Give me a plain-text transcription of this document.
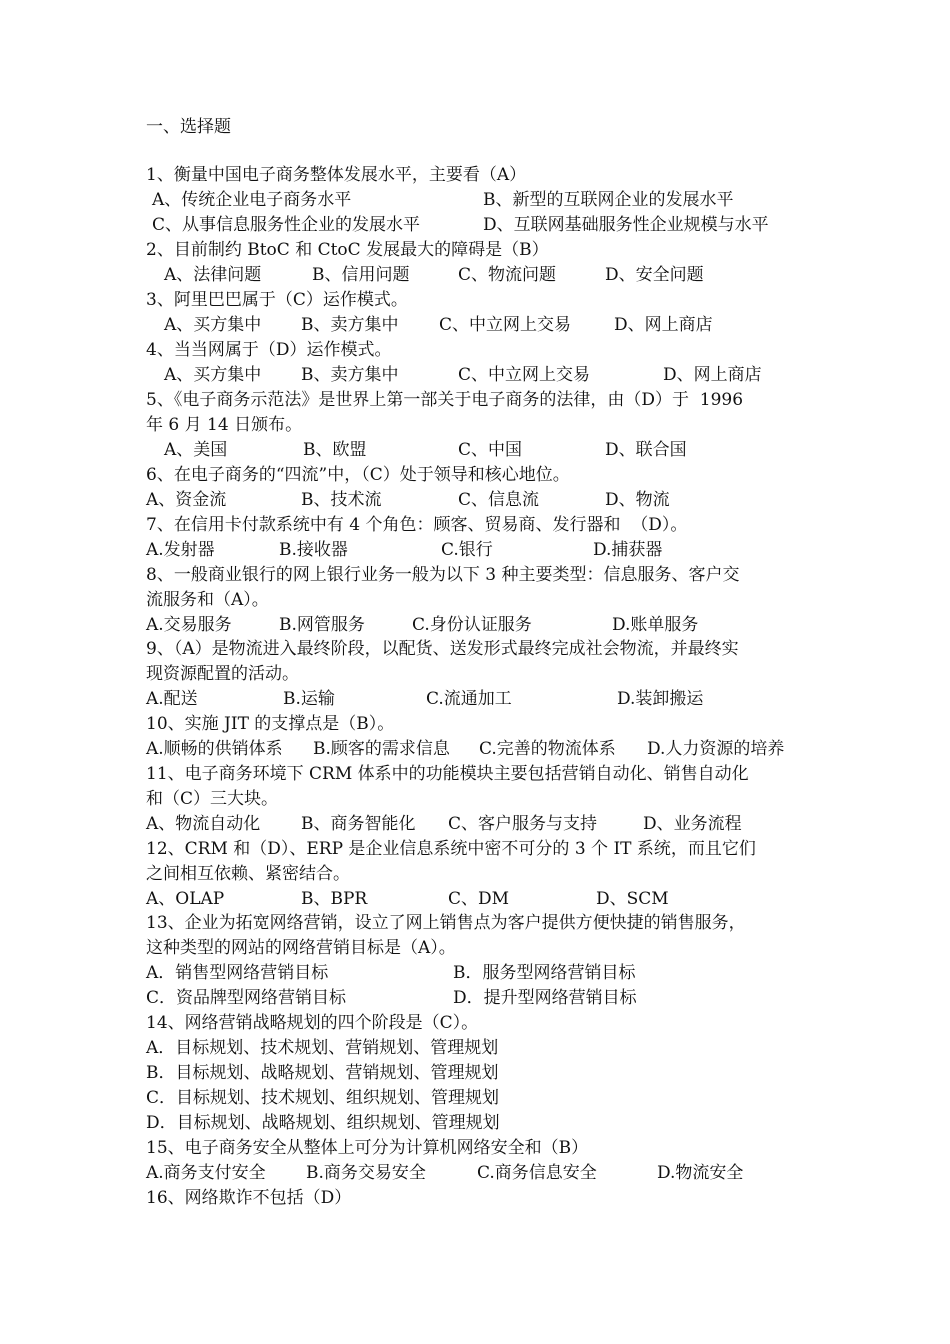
一、选择题
1、衡量中国电子商务整体发展水平，主要看（A）
A、传统企业电子商务水平	B、新型的互联网企业的发展水平
C、从事信息服务性企业的发展水平	D、互联网基础服务性企业规模与水平
2、目前制约 BtoC 和 CtoC 发展最大的障碍是（B）
A、法律问题	B、信用问题	C、物流问题	D、安全问题
3、阿里巴巴属于（C）运作模式。
A、买方集中 B、卖方集中 C、中立网上交易	D、网上商店
4、当当网属于（D）运作模式。
A、买方集中 B、卖方集中	C、中立网上交易	D、网上商店
5、《电子商务示范法》是世界上第一部关于电子商务的法律，由（D）于  1996
年 6 月 14 日颁布。
A、美国	B、欧盟	C、中国	D、联合国
6、在电子商务的“四流”中，（C）处于领导和核心地位。
A、资金流	B、技术流	C、信息流	D、物流
7、在信用卡付款系统中有 4 个角色：顾客、贸易商、发行器和  （D）。
A.发射器	B.接收器	C.银行	D.捕获器
8、一般商业银行的网上银行业务一般为以下 3 种主要类型：信息服务、客户交
流服务和（A）。
A.交易服务	B.网管服务	C.身份认证服务	D.账单服务
9、（A）是物流进入最终阶段，以配货、送发形式最终完成社会物流，并最终实
现资源配置的活动。
A.配送	B.运输	C.流通加工	D.装卸搬运
10、实施 JIT 的支撑点是（B）。
A.顺畅的供销体系 B.顾客的需求信息 C.完善的物流体系 D.人力资源的培养
11、电子商务环境下 CRM 体系中的功能模块主要包括营销自动化、销售自动化
和（C）三大块。
A、物流自动化 B、商务智能化 C、客户服务与支持	D、业务流程
12、CRM 和（D）、ERP 是企业信息系统中密不可分的 3 个 IT 系统，而且它们
之间相互依赖、紧密结合。
A、OLAP	B、BPR	C、DM	D、SCM
13、企业为拓宽网络营销，设立了网上销售点为客户提供方便快捷的销售服务，
这种类型的网站的网络营销目标是（A）。
A．销售型网络营销目标	B．服务型网络营销目标
C．资品牌型网络营销目标	D．提升型网络营销目标
14、网络营销战略规划的四个阶段是（C）。
A．目标规划、技术规划、营销规划、管理规划
B．目标规划、战略规划、营销规划、管理规划
C．目标规划、技术规划、组织规划、管理规划
D．目标规划、战略规划、组织规划、管理规划
15、电子商务安全从整体上可分为计算机网络安全和（B）
A.商务支付安全 B.商务交易安全	C.商务信息安全	D.物流安全
16、网络欺诈不包括（D）
